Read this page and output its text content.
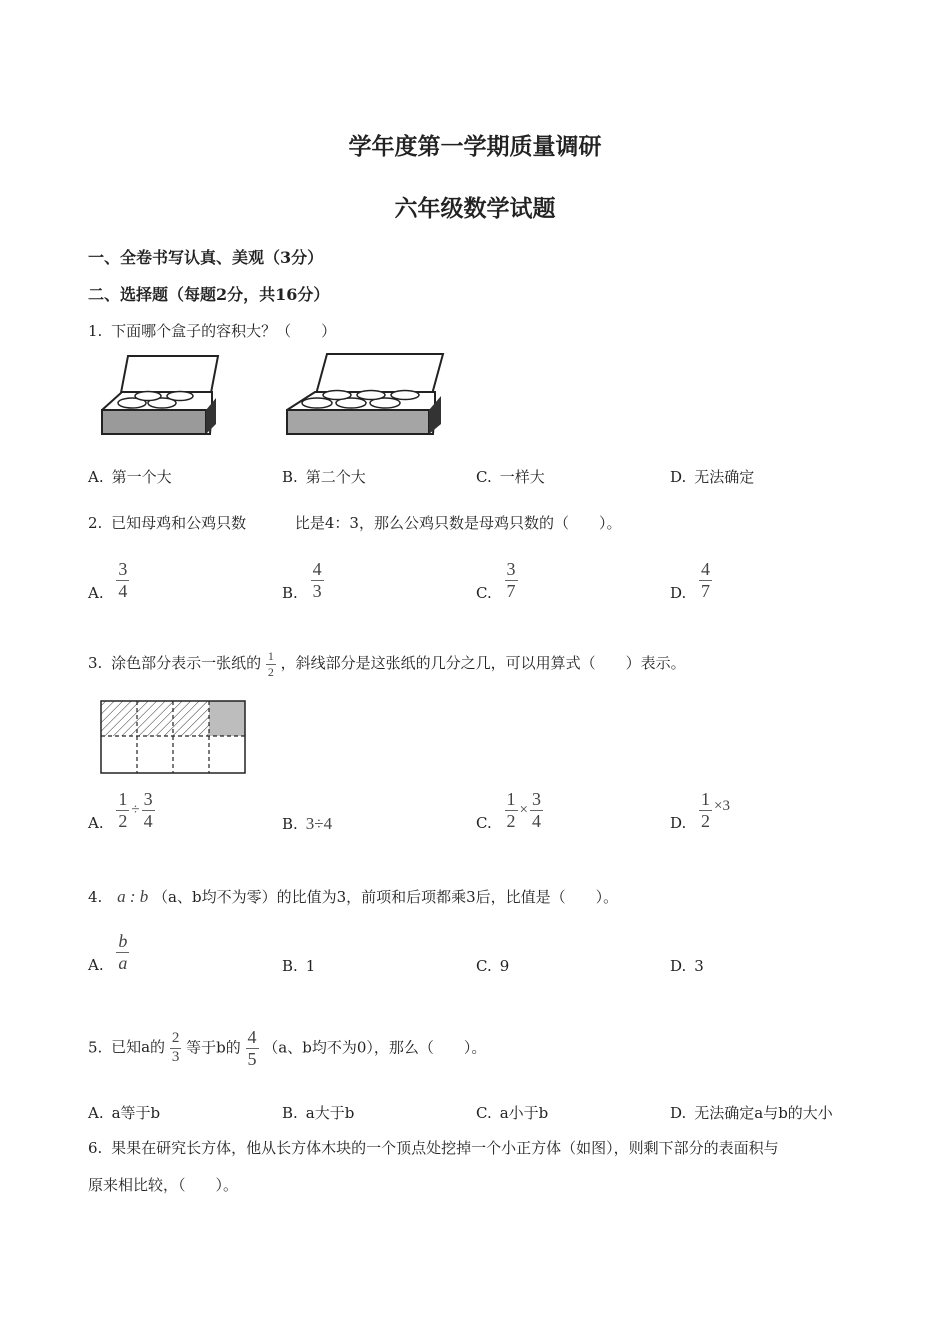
学年度第一学期质量调研
六年级数学试题
一、全卷书写认真、美观（3分）
二、选择题（每题2分，共16分）
1. 下面哪个盒子的容积大？（　　）
A. 第一个大	B. 第二个大	C. 一样大	D. 无法确定
2. 已知母鸡和公鸡只数	比是4：3，那么公鸡只数是母鸡只数的（　　）。
A. $\frac{3}{4}$	B. $\frac{4}{3}$	C. $\frac{3}{7}$	D. $\frac{4}{7}$
3. 涂色部分表示一张纸的 $\frac{1}{2}$ ，斜线部分是这张纸的几分之几，可以用算式（　　）表示。
A. $\frac{1}{2} \div \frac{3}{4}$	B. 3÷4	C. $\frac{1}{2} \times \frac{3}{4}$	D. $\frac{1}{2} \times 3$
4. a : b （a、b均不为零）的比值为3，前项和后项都乘3后，比值是（　　）。
A. $\frac{b}{a}$	B. 1	C. 9	D. 3
5. 已知a的 $\frac{2}{3}$ 等于b的 $\frac{4}{5} (a$、b均不为0），那么（　　）。
A. a等于b	B. a大于b	C. a小于b	D. 无法确定a与b的大小
6. 果果在研究长方体，他从长方体木块的一个顶点处挖掉一个小正方体（如图），则剩下部分的表面积与
原来相比较，（　　）。
